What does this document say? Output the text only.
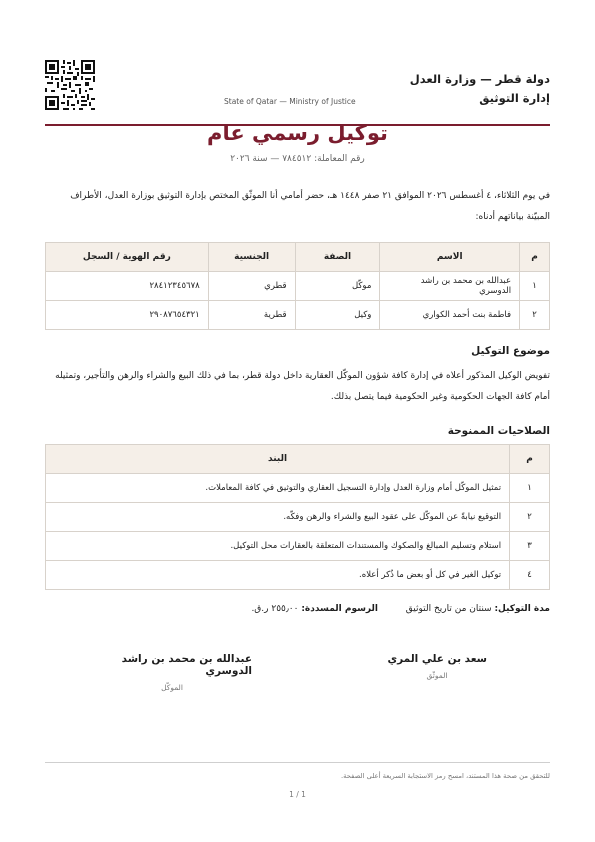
دولة قطر — وزارة العدل
إدارة التوثيق
State of Qatar — Ministry of Justice
توكيل رسمي عام
رقم المعاملة: ٧٨٤٥١٢ — سنة ٢٠٢٦
في يوم الثلاثاء، ٤ أغسطس ٢٠٢٦ الموافق ٢١ صفر ١٤٤٨ هـ، حضر أمامي أنا الموثّق المختص بإدارة التوثيق بوزارة العدل، الأطراف المبيّنة بياناتهم أدناه:
م	الاسم	الصفة	الجنسية	رقم الهوية / السجل
١	عبدالله بن محمد بن راشد الدوسري	موكّل	قطري	٢٨٤١٢٣٤٥٦٧٨
٢	فاطمة بنت أحمد الكواري	وكيل	قطرية	٢٩٠٨٧٦٥٤٣٢١
موضوع التوكيل
تفويض الوكيل المذكور أعلاه في إدارة كافة شؤون الموكّل العقارية داخل دولة قطر، بما في ذلك البيع والشراء والرهن والتأجير، وتمثيله أمام كافة الجهات الحكومية وغير الحكومية فيما يتصل بذلك.
الصلاحيات الممنوحة
م	البند
١	تمثيل الموكّل أمام وزارة العدل وإدارة التسجيل العقاري والتوثيق في كافة المعاملات.
٢	التوقيع نيابةً عن الموكّل على عقود البيع والشراء والرهن وفكّه.
٣	استلام وتسليم المبالغ والصكوك والمستندات المتعلقة بالعقارات محل التوكيل.
٤	توكيل الغير في كل أو بعض ما ذُكر أعلاه.
مدة التوكيل: سنتان من تاريخ التوثيق  الرسوم المسددة: ٢٥٥٫٠٠ ر.ق.
سعد بن علي المري
الموثّق
عبدالله بن محمد بن راشد الدوسري
الموكّل
للتحقق من صحة هذا المستند، امسح رمز الاستجابة السريعة أعلى الصفحة.
1 / 1
